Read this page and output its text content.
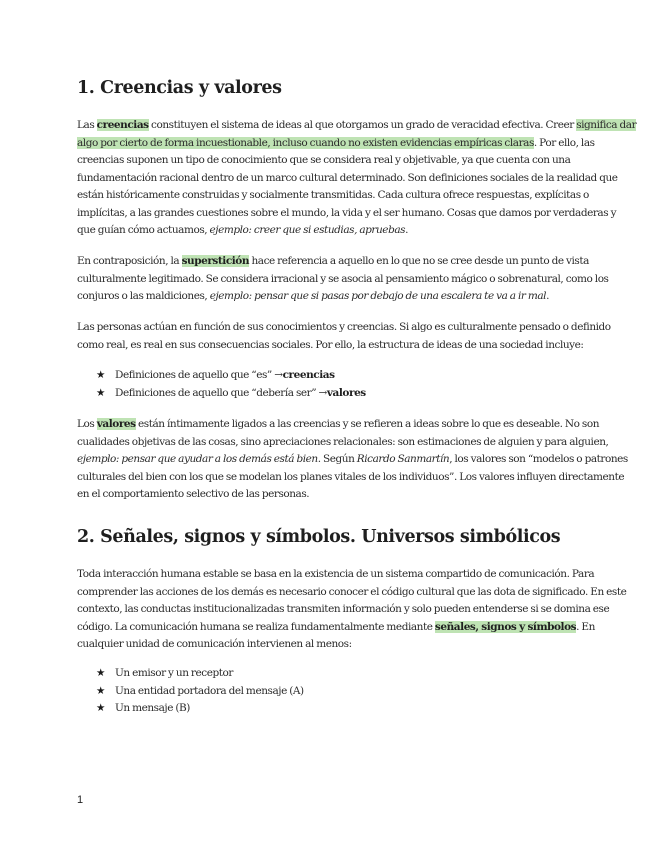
1. Creencias y valores
Las creencias constituyen el sistema de ideas al que otorgamos un grado de veracidad efectiva. Creer significa dar
algo por cierto de forma incuestionable, incluso cuando no existen evidencias empíricas claras. Por ello, las
creencias suponen un tipo de conocimiento que se considera real y objetivable, ya que cuenta con una
fundamentación racional dentro de un marco cultural determinado. Son definiciones sociales de la realidad que
están históricamente construidas y socialmente transmitidas. Cada cultura ofrece respuestas, explícitas o
implícitas, a las grandes cuestiones sobre el mundo, la vida y el ser humano. Cosas que damos por verdaderas y
que guían cómo actuamos, ejemplo: creer que si estudias, apruebas.
En contraposición, la superstición hace referencia a aquello en lo que no se cree desde un punto de vista
culturalmente legitimado. Se considera irracional y se asocia al pensamiento mágico o sobrenatural, como los
conjuros o las maldiciones, ejemplo: pensar que si pasas por debajo de una escalera te va a ir mal.
Las personas actúan en función de sus conocimientos y creencias. Si algo es culturalmente pensado o definido
como real, es real en sus consecuencias sociales. Por ello, la estructura de ideas de una sociedad incluye:
★ Definiciones de aquello que “es” → creencias
★ Definiciones de aquello que “debería ser” → valores
Los valores están íntimamente ligados a las creencias y se refieren a ideas sobre lo que es deseable. No son
cualidades objetivas de las cosas, sino apreciaciones relacionales: son estimaciones de alguien y para alguien,
ejemplo: pensar que ayudar a los demás está bien. Según Ricardo Sanmartín, los valores son “modelos o patrones
culturales del bien con los que se modelan los planes vitales de los individuos”. Los valores influyen directamente
en el comportamiento selectivo de las personas.
2. Señales, signos y símbolos. Universos simbólicos
Toda interacción humana estable se basa en la existencia de un sistema compartido de comunicación. Para
comprender las acciones de los demás es necesario conocer el código cultural que las dota de significado. En este
contexto, las conductas institucionalizadas transmiten información y solo pueden entenderse si se domina ese
código. La comunicación humana se realiza fundamentalmente mediante señales, signos y símbolos. En
cualquier unidad de comunicación intervienen al menos:
★ Un emisor y un receptor
★ Una entidad portadora del mensaje (A)
★ Un mensaje (B)
1
